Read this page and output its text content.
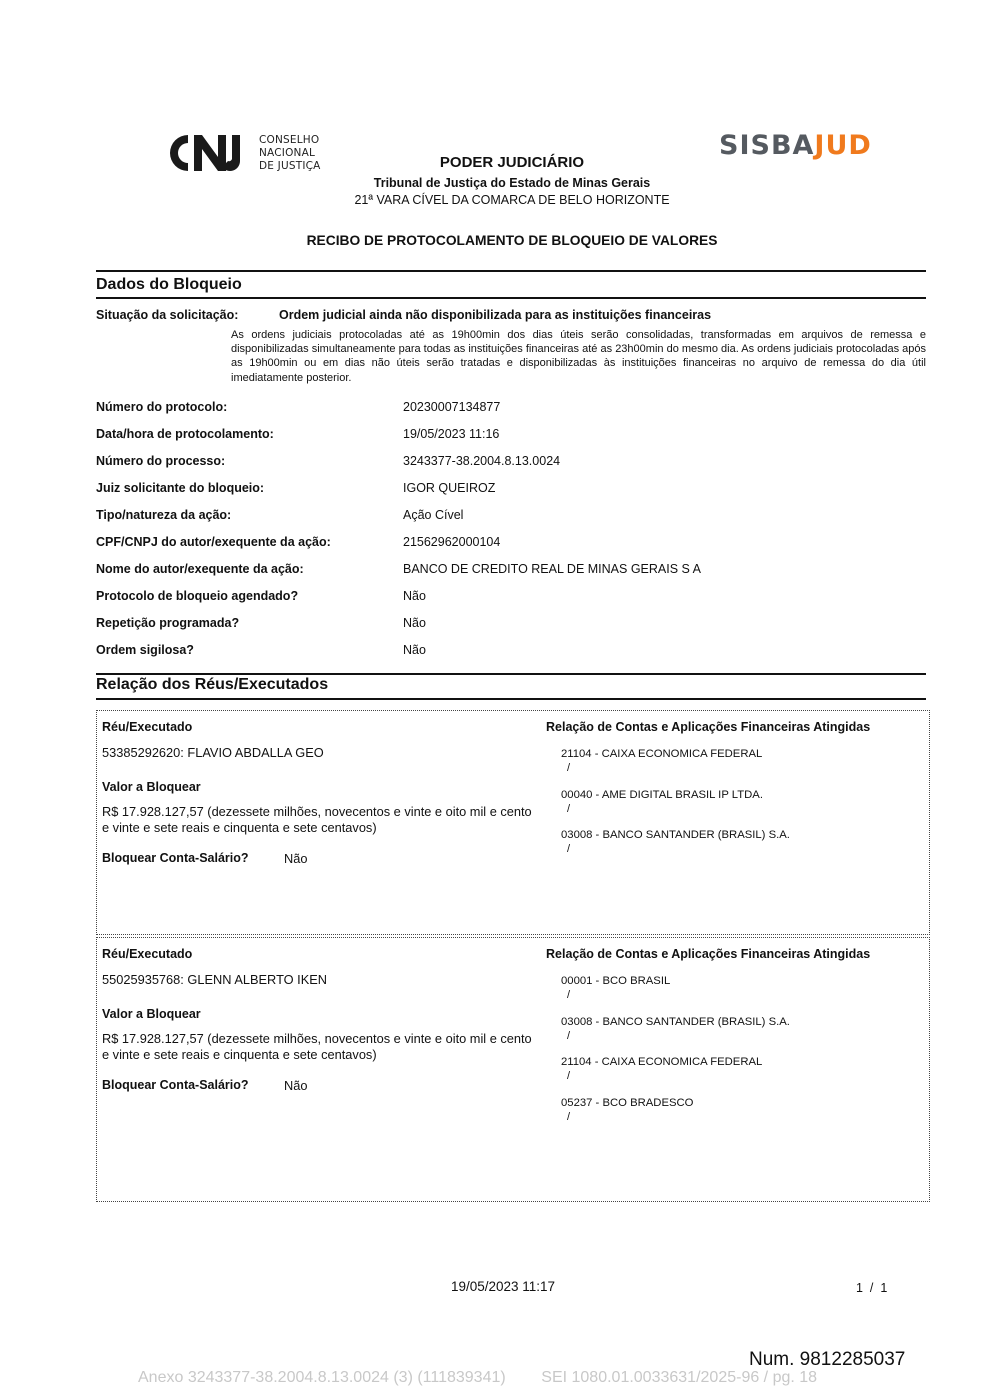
CONSELHO
NACIONAL
DE JUSTIÇA
SISBAJUD
PODER JUDICIÁRIO
Tribunal de Justiça do Estado de Minas Gerais
21ª VARA CÍVEL DA COMARCA DE BELO HORIZONTE
RECIBO DE PROTOCOLAMENTO DE BLOQUEIO DE VALORES
Dados do Bloqueio
Situação da solicitação:	Ordem judicial ainda não disponibilizada para as instituições financeiras
As ordens judiciais protocoladas até as 19h00min dos dias úteis serão consolidadas, transformadas em arquivos de remessa e disponibilizadas simultaneamente para todas as instituições financeiras até as 23h00min do mesmo dia. As ordens judiciais protocoladas após as 19h00min ou em dias não úteis serão tratadas e disponibilizadas às instituições financeiras no arquivo de remessa do dia útil imediatamente posterior.
Número do protocolo:	20230007134877
Data/hora de protocolamento:	19/05/2023 11:16
Número do processo:	3243377-38.2004.8.13.0024
Juiz solicitante do bloqueio:	IGOR QUEIROZ
Tipo/natureza da ação:	Ação Cível
CPF/CNPJ do autor/exequente da ação:	21562962000104
Nome do autor/exequente da ação:	BANCO DE CREDITO REAL DE MINAS GERAIS S A
Protocolo de bloqueio agendado?	Não
Repetição programada?	Não
Ordem sigilosa?	Não
Relação dos Réus/Executados
Réu/Executado
53385292620: FLAVIO ABDALLA GEO
Valor a Bloquear
R$ 17.928.127,57 (dezessete milhões, novecentos e vinte e oito mil e cento e vinte e sete reais e cinquenta e sete centavos)
Bloquear Conta-Salário?	Não
Relação de Contas e Aplicações Financeiras Atingidas
21104 - CAIXA ECONOMICA FEDERAL
/
00040 - AME DIGITAL BRASIL IP LTDA.
/
03008 - BANCO SANTANDER (BRASIL) S.A.
/
Réu/Executado
55025935768: GLENN ALBERTO IKEN
Valor a Bloquear
R$ 17.928.127,57 (dezessete milhões, novecentos e vinte e oito mil e cento e vinte e sete reais e cinquenta e sete centavos)
Bloquear Conta-Salário?	Não
Relação de Contas e Aplicações Financeiras Atingidas
00001 - BCO BRASIL
/
03008 - BANCO SANTANDER (BRASIL) S.A.
/
21104 - CAIXA ECONOMICA FEDERAL
/
05237 - BCO BRADESCO
/
19/05/2023 11:17	1  /  1
Num. 9812285037
Anexo 3243377-38.2004.8.13.0024 (3) (111839341)        SEI 1080.01.0033631/2025-96 / pg. 18
